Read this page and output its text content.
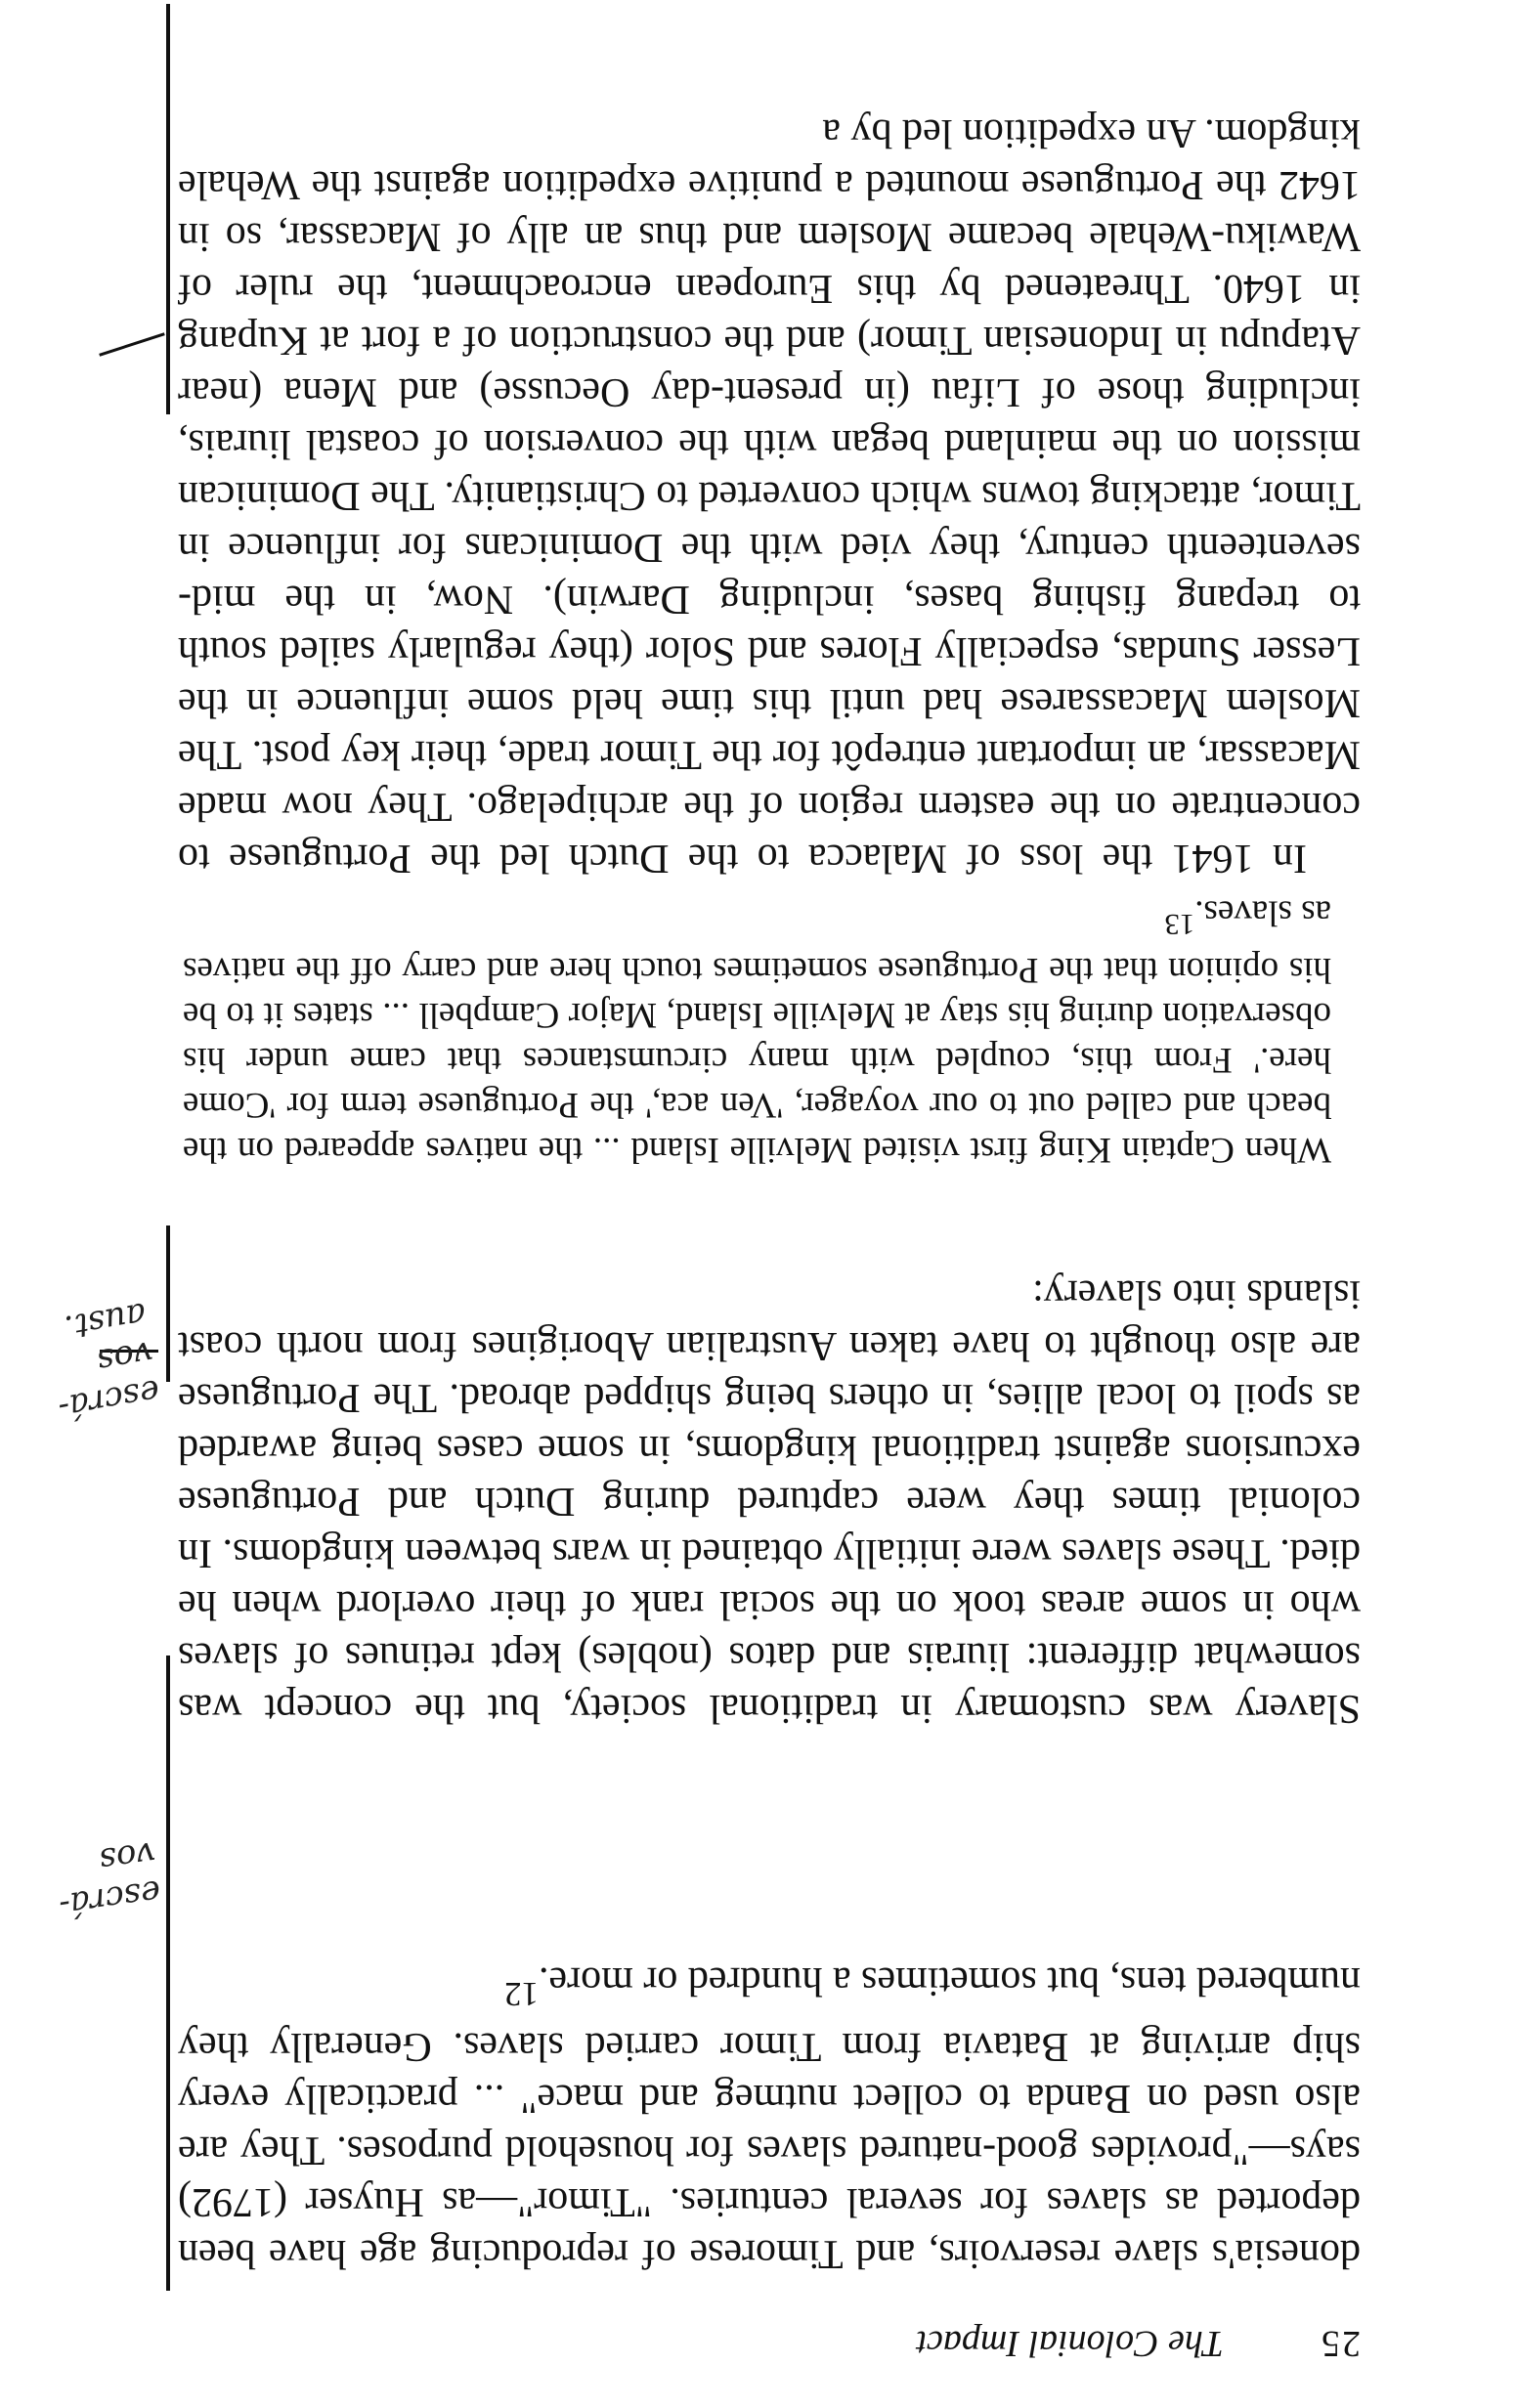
25
The Colonial Impact

donesia's slave reservoirs, and Timorese of reproducing age have been deported as slaves for several centuries. "Timor"—as Huyser (1792) says—"provides good-natured slaves for household purposes. They are also used on Banda to collect nutmeg and mace" ... practically every ship arriving at Batavia from Timor carried slaves. Generally they numbered tens, but sometimes a hundred or more.$^{12}$

Slavery was customary in traditional society, but the concept was somewhat different: liurais and datos (nobles) kept retinues of slaves who in some areas took on the social rank of their overlord when he died. These slaves were initially obtained in wars between kingdoms. In colonial times they were captured during Dutch and Portuguese excursions against traditional kingdoms, in some cases being awarded as spoil to local allies, in others being shipped abroad. The Portuguese are also thought to have taken Australian Aborigines from north coast islands into slavery:

When Captain King first visited Melville Island ... the natives appeared on the beach and called out to our voyager, 'Ven aca,' the Portuguese term for 'Come here.' From this, coupled with many circumstances that came under his observation during his stay at Melville Island, Major Campbell ... states it to be his opinion that the Portuguese sometimes touch here and carry off the natives as slaves.$^{13}$

In 1641 the loss of Malacca to the Dutch led the Portuguese to concentrate on the eastern region of the archipelago. They now made Macassar, an important entrepôt for the Timor trade, their key post. The Moslem Macassarese had until this time held some influence in the Lesser Sundas, especially Flores and Solor (they regularly sailed south to trepang fishing bases, including Darwin). Now, in the mid-seventeenth century, they vied with the Dominicans for influence in Timor, attacking towns which converted to Christianity. The Dominican mission on the mainland began with the conversion of coastal liurais, including those of Lifau (in present-day Oecusse) and Mena (near Atapupu in Indonesian Timor) and the construction of a fort at Kupang in 1640. Threatened by this European encroachment, the ruler of Wawiku-Wehale became Moslem and thus an ally of Macassar, so in 1642 the Portuguese mounted a punitive expedition against the Wehale kingdom. An expedition led by a

escrá-vos
escrá-vos aust.
